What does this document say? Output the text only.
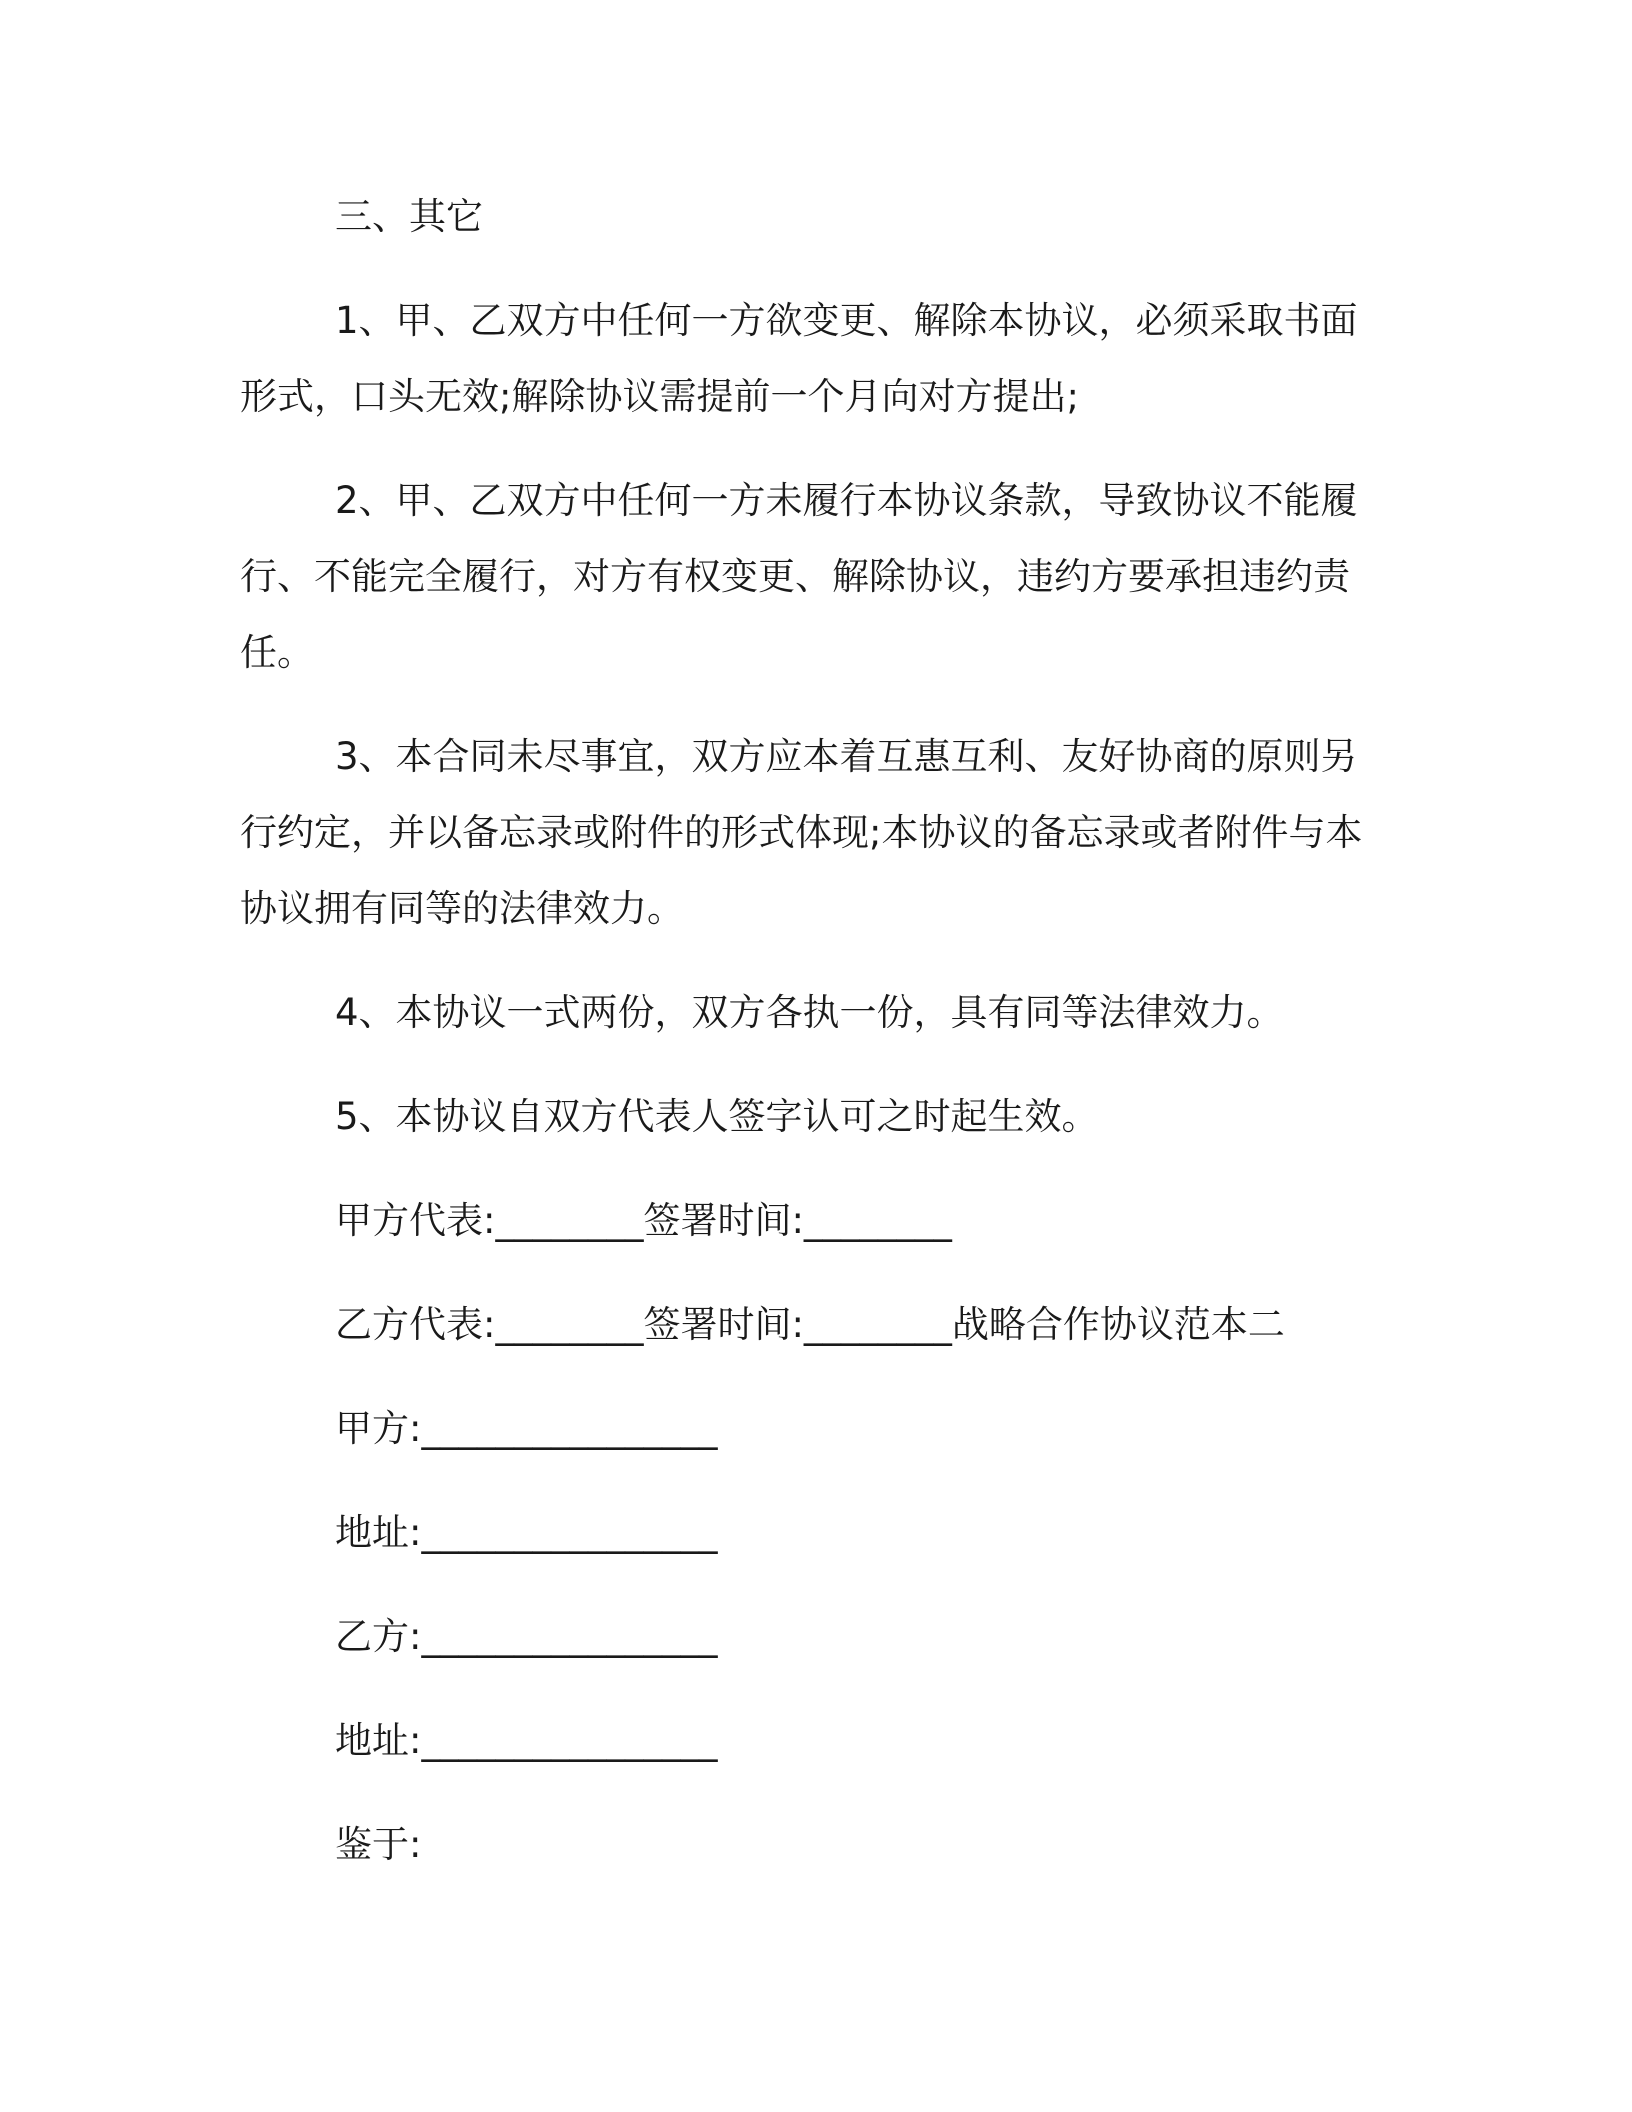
三、其它
1、甲、乙双方中任何一方欲变更、解除本协议，必须采取书面
形式，口头无效;解除协议需提前一个月向对方提出;
2、甲、乙双方中任何一方未履行本协议条款，导致协议不能履
行、不能完全履行，对方有权变更、解除协议，违约方要承担违约责
任。
3、本合同未尽事宜，双方应本着互惠互利、友好协商的原则另
行约定，并以备忘录或附件的形式体现;本协议的备忘录或者附件与本
协议拥有同等的法律效力。
4、本协议一式两份，双方各执一份，具有同等法律效力。
5、本协议自双方代表人签字认可之时起生效。
甲方代表:________签署时间:________
乙方代表:________签署时间:________战略合作协议范本二
甲方:________________
地址:________________
乙方:________________
地址:________________
鉴于:
